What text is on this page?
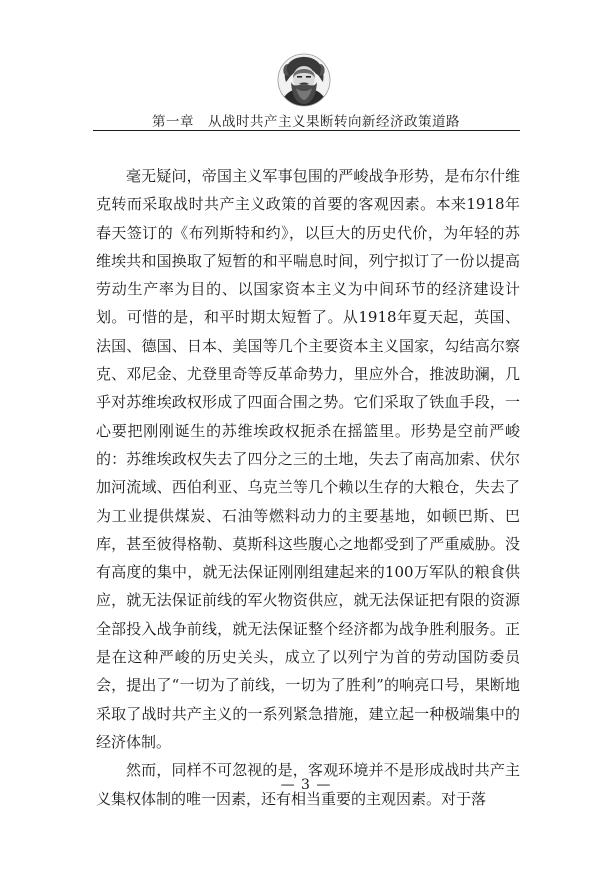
第一章　从战时共产主义果断转向新经济政策道路

毫无疑问，帝国主义军事包围的严峻战争形势，是布尔什维克转而采取战时共产主义政策的首要的客观因素。本来1918年春天签订的《布列斯特和约》，以巨大的历史代价，为年轻的苏维埃共和国换取了短暂的和平喘息时间，列宁拟订了一份以提高劳动生产率为目的、以国家资本主义为中间环节的经济建设计划。可惜的是，和平时期太短暂了。从1918年夏天起，英国、法国、德国、日本、美国等几个主要资本主义国家，勾结高尔察克、邓尼金、尤登里奇等反革命势力，里应外合，推波助澜，几乎对苏维埃政权形成了四面合围之势。它们采取了铁血手段，一心要把刚刚诞生的苏维埃政权扼杀在摇篮里。形势是空前严峻的：苏维埃政权失去了四分之三的土地，失去了南高加索、伏尔加河流域、西伯利亚、乌克兰等几个赖以生存的大粮仓，失去了为工业提供煤炭、石油等燃料动力的主要基地，如顿巴斯、巴库，甚至彼得格勒、莫斯科这些腹心之地都受到了严重威胁。没有高度的集中，就无法保证刚刚组建起来的100万军队的粮食供应，就无法保证前线的军火物资供应，就无法保证把有限的资源全部投入战争前线，就无法保证整个经济都为战争胜利服务。正是在这种严峻的历史关头，成立了以列宁为首的劳动国防委员会，提出了“一切为了前线，一切为了胜利”的响亮口号，果断地采取了战时共产主义的一系列紧急措施，建立起一种极端集中的经济体制。

然而，同样不可忽视的是，客观环境并不是形成战时共产主义集权体制的唯一因素，还有相当重要的主观因素。对于落

— 3 —
